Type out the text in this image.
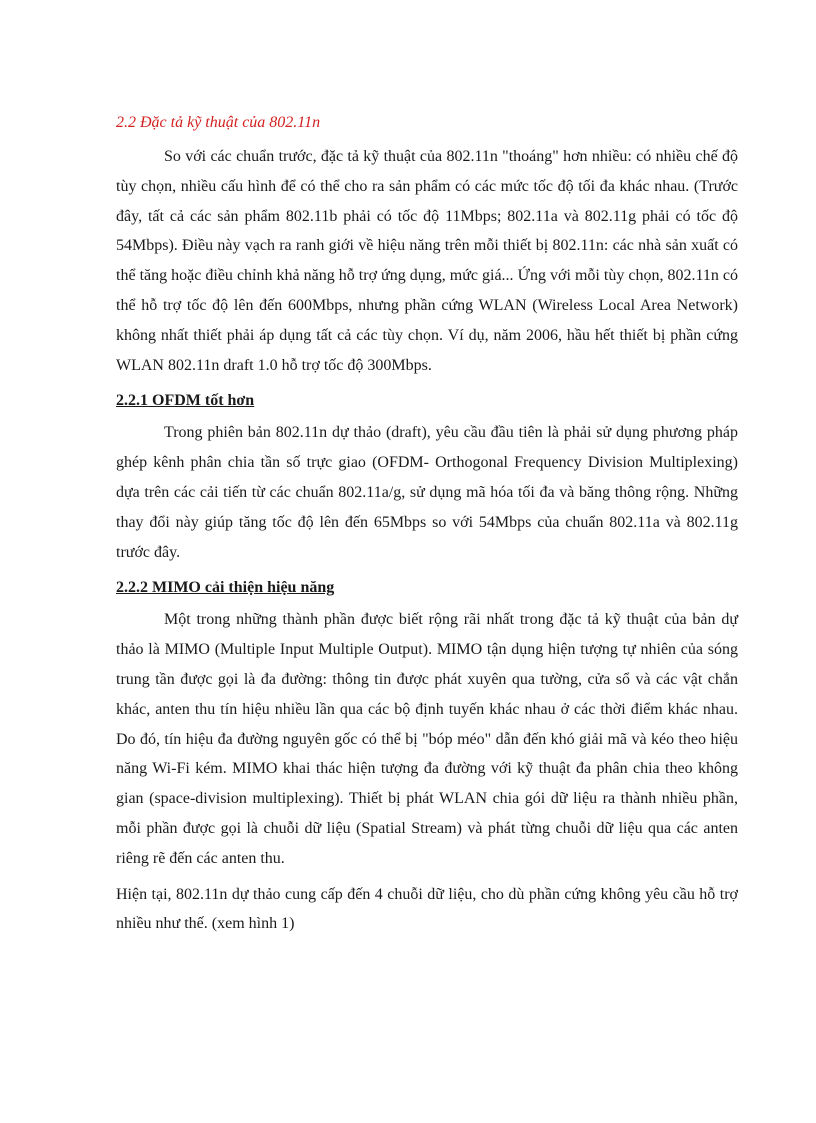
2.2 Đặc tả kỹ thuật của 802.11n

So với các chuẩn trước, đặc tả kỹ thuật của 802.11n "thoáng" hơn nhiều: có nhiều chế độ tùy chọn, nhiều cấu hình để có thể cho ra sản phẩm có các mức tốc độ tối đa khác nhau. (Trước đây, tất cả các sản phẩm 802.11b phải có tốc độ 11Mbps; 802.11a và 802.11g phải có tốc độ 54Mbps). Điều này vạch ra ranh giới về hiệu năng trên mỗi thiết bị 802.11n: các nhà sản xuất có thể tăng hoặc điều chỉnh khả năng hỗ trợ ứng dụng, mức giá... Ứng với mỗi tùy chọn, 802.11n có thể hỗ trợ tốc độ lên đến 600Mbps, nhưng phần cứng WLAN (Wireless Local Area Network) không nhất thiết phải áp dụng tất cả các tùy chọn. Ví dụ, năm 2006, hầu hết thiết bị phần cứng WLAN 802.11n draft 1.0 hỗ trợ tốc độ 300Mbps.

2.2.1 OFDM tốt hơn

Trong phiên bản 802.11n dự thảo (draft), yêu cầu đầu tiên là phải sử dụng phương pháp ghép kênh phân chia tần số trực giao (OFDM- Orthogonal Frequency Division Multiplexing) dựa trên các cải tiến từ các chuẩn 802.11a/g, sử dụng mã hóa tối đa và băng thông rộng. Những thay đổi này giúp tăng tốc độ lên đến 65Mbps so với 54Mbps của chuẩn 802.11a và 802.11g trước đây.

2.2.2 MIMO cải thiện hiệu năng

Một trong những thành phần được biết rộng rãi nhất trong đặc tả kỹ thuật của bản dự thảo là MIMO (Multiple Input Multiple Output). MIMO tận dụng hiện tượng tự nhiên của sóng trung tần được gọi là đa đường: thông tin được phát xuyên qua tường, cửa sổ và các vật chắn khác, anten thu tín hiệu nhiều lần qua các bộ định tuyến khác nhau ở các thời điểm khác nhau. Do đó, tín hiệu đa đường nguyên gốc có thể bị "bóp méo" dẫn đến khó giải mã và kéo theo hiệu năng Wi-Fi kém. MIMO khai thác hiện tượng đa đường với kỹ thuật đa phân chia theo không gian (space-division multiplexing). Thiết bị phát WLAN chia gói dữ liệu ra thành nhiều phần, mỗi phần được gọi là chuỗi dữ liệu (Spatial Stream) và phát từng chuỗi dữ liệu qua các anten riêng rẽ đến các anten thu.

Hiện tại, 802.11n dự thảo cung cấp đến 4 chuỗi dữ liệu, cho dù phần cứng không yêu cầu hỗ trợ nhiều như thế. (xem hình 1)
